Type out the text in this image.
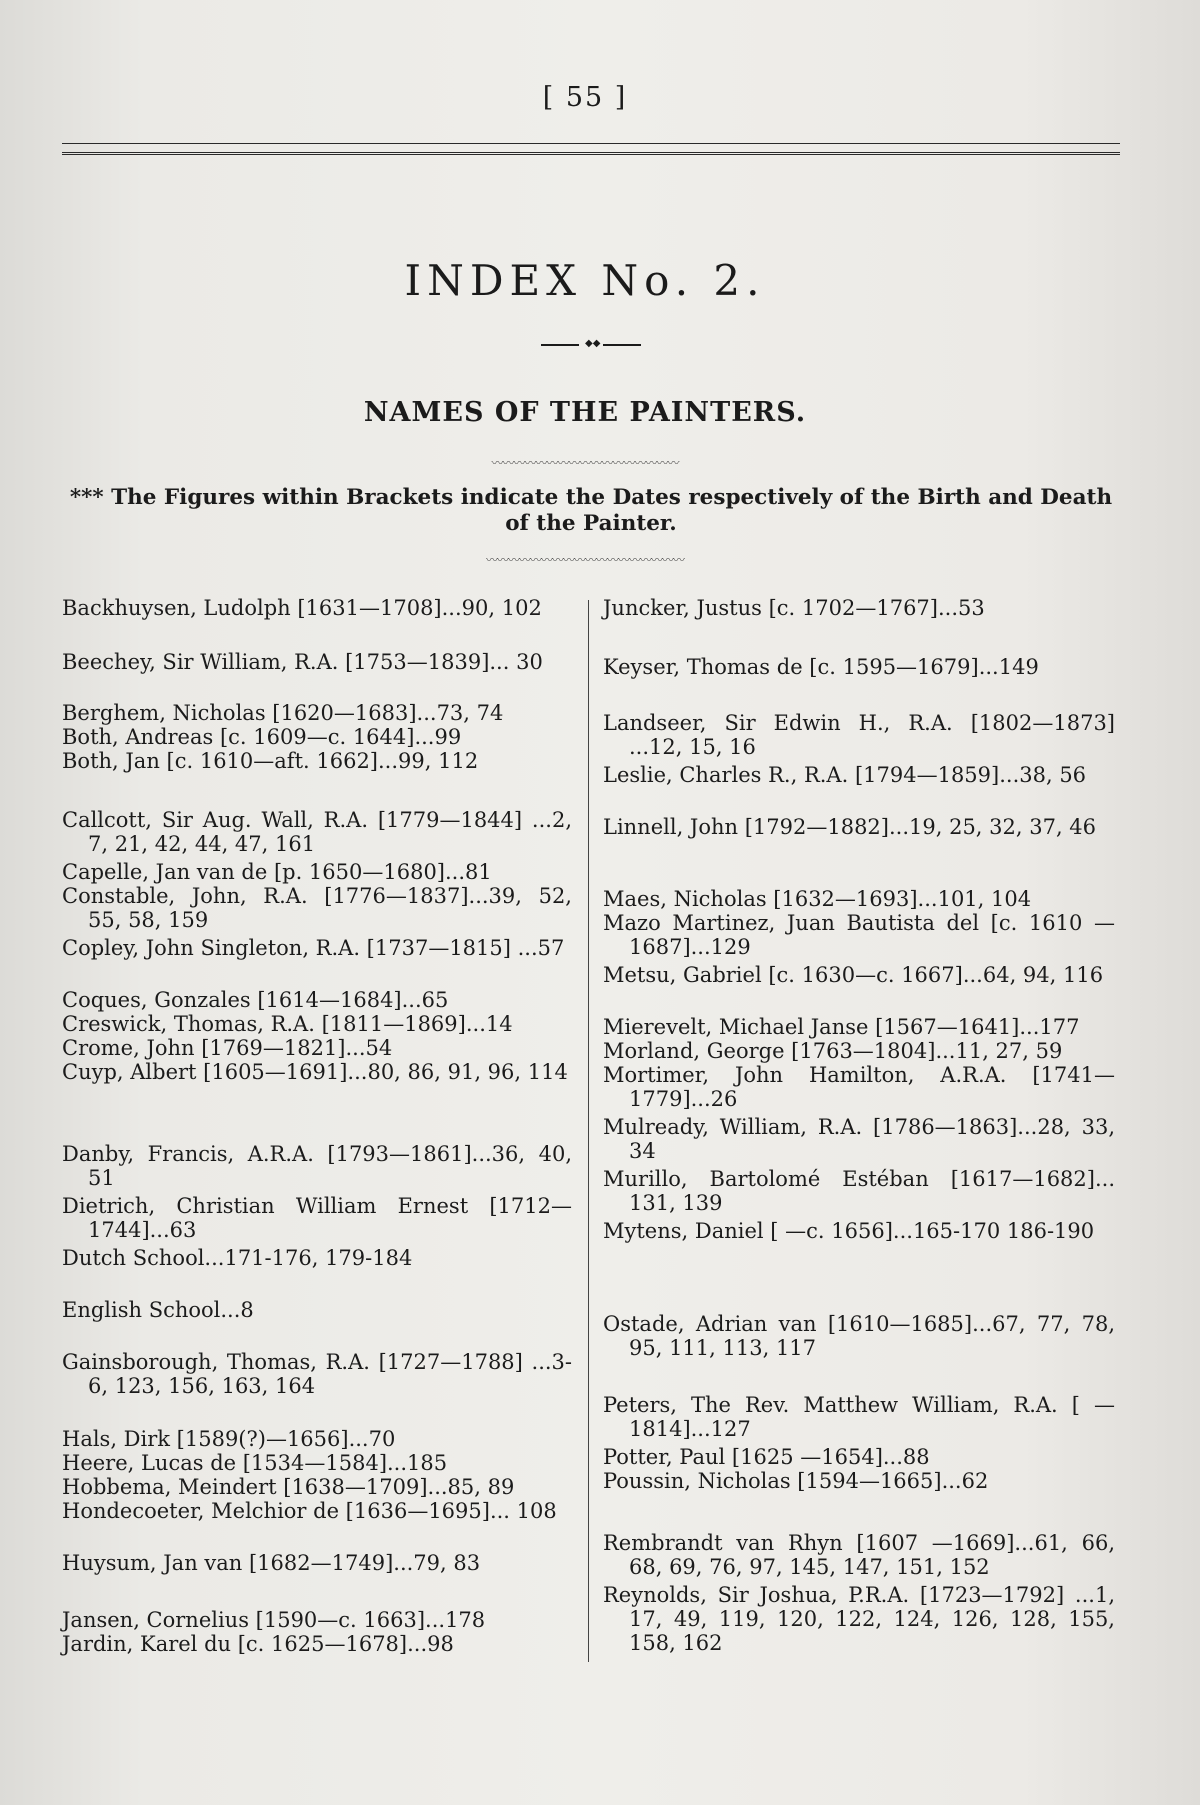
[ 55 ]
INDEX No. 2.
◆◆
NAMES OF THE PAINTERS.
〰〰〰〰〰〰〰〰〰〰〰〰〰〰〰〰〰
*** The Figures within Brackets indicate the Dates respectively of the Birth and Death of the Painter.
〰〰〰〰〰〰〰〰〰〰〰〰〰〰〰〰〰〰
Backhuysen, Ludolph [1631—1708]...90, 102
Beechey, Sir William, R.A. [1753—1839]... 30
Berghem, Nicholas [1620—1683]...73, 74
Both, Andreas [c. 1609—c. 1644]...99
Both, Jan [c. 1610—aft. 1662]...99, 112
Callcott, Sir Aug. Wall, R.A. [1779—1844] ...2, 7, 21, 42, 44, 47, 161
Capelle, Jan van de [p. 1650—1680]...81
Constable, John, R.A. [1776—1837]...39, 52, 55, 58, 159
Copley, John Singleton, R.A. [1737—1815] ...57
Coques, Gonzales [1614—1684]...65
Creswick, Thomas, R.A. [1811—1869]...14
Crome, John [1769—1821]...54
Cuyp, Albert [1605—1691]...80, 86, 91, 96, 114
Danby, Francis, A.R.A. [1793—1861]...36, 40, 51
Dietrich, Christian William Ernest [1712—1744]...63
Dutch School...171-176, 179-184
English School...8
Gainsborough, Thomas, R.A. [1727—1788] ...3-6, 123, 156, 163, 164
Hals, Dirk [1589(?)—1656]...70
Heere, Lucas de [1534—1584]...185
Hobbema, Meindert [1638—1709]...85, 89
Hondecoeter, Melchior de [1636—1695]... 108
Huysum, Jan van [1682—1749]...79, 83
Jansen, Cornelius [1590—c. 1663]...178
Jardin, Karel du [c. 1625—1678]...98
Juncker, Justus [c. 1702—1767]...53
Keyser, Thomas de [c. 1595—1679]...149
Landseer, Sir Edwin H., R.A. [1802—1873] ...12, 15, 16
Leslie, Charles R., R.A. [1794—1859]...38, 56
Linnell, John [1792—1882]...19, 25, 32, 37, 46
Maes, Nicholas [1632—1693]...101, 104
Mazo Martinez, Juan Bautista del [c. 1610 —1687]...129
Metsu, Gabriel [c. 1630—c. 1667]...64, 94, 116
Mierevelt, Michael Janse [1567—1641]...177
Morland, George [1763—1804]...11, 27, 59
Mortimer, John Hamilton, A.R.A. [1741—1779]...26
Mulready, William, R.A. [1786—1863]...28, 33, 34
Murillo, Bartolomé Estéban [1617—1682]... 131, 139
Mytens, Daniel [ —c. 1656]...165-170 186-190
Ostade, Adrian van [1610—1685]...67, 77, 78, 95, 111, 113, 117
Peters, The Rev. Matthew William, R.A. [ —1814]...127
Potter, Paul [1625 —1654]...88
Poussin, Nicholas [1594—1665]...62
Rembrandt van Rhyn [1607 —1669]...61, 66, 68, 69, 76, 97, 145, 147, 151, 152
Reynolds, Sir Joshua, P.R.A. [1723—1792] ...1, 17, 49, 119, 120, 122, 124, 126, 128, 155, 158, 162
